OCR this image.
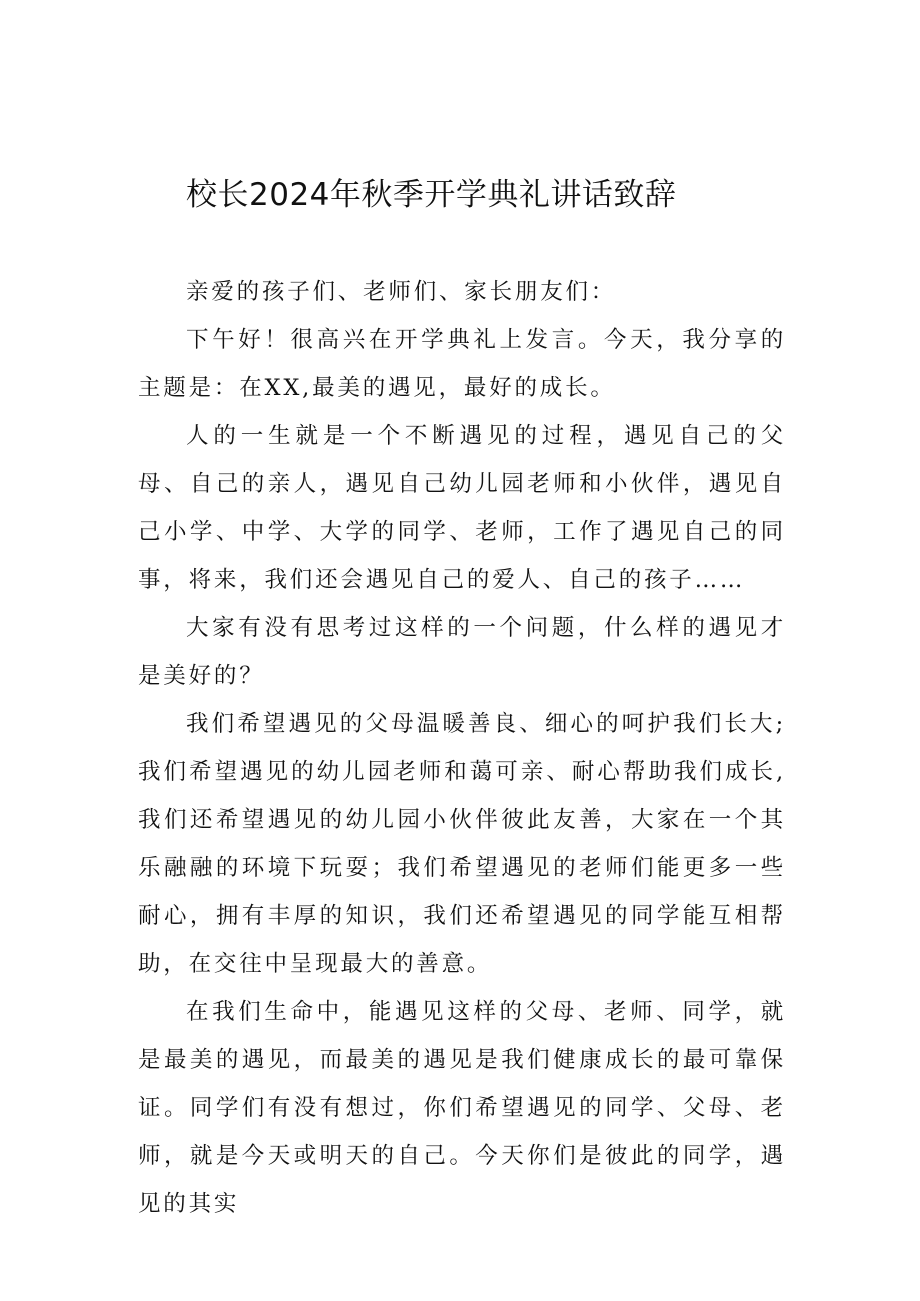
校长2024年秋季开学典礼讲话致辞

亲爱的孩子们、老师们、家长朋友们：

下午好！很高兴在开学典礼上发言。今天，我分享的主题是：在XX,最美的遇见，最好的成长。

人的一生就是一个不断遇见的过程，遇见自己的父母、自己的亲人，遇见自己幼儿园老师和小伙伴，遇见自己小学、中学、大学的同学、老师，工作了遇见自己的同事，将来，我们还会遇见自己的爱人、自己的孩子……

大家有没有思考过这样的一个问题，什么样的遇见才是美好的？

我们希望遇见的父母温暖善良、细心的呵护我们长大;我们希望遇见的幼儿园老师和蔼可亲、耐心帮助我们成长,我们还希望遇见的幼儿园小伙伴彼此友善，大家在一个其乐融融的环境下玩耍；我们希望遇见的老师们能更多一些耐心，拥有丰厚的知识，我们还希望遇见的同学能互相帮助，在交往中呈现最大的善意。

在我们生命中，能遇见这样的父母、老师、同学，就是最美的遇见，而最美的遇见是我们健康成长的最可靠保证。同学们有没有想过，你们希望遇见的同学、父母、老师，就是今天或明天的自己。今天你们是彼此的同学，遇见的其实
